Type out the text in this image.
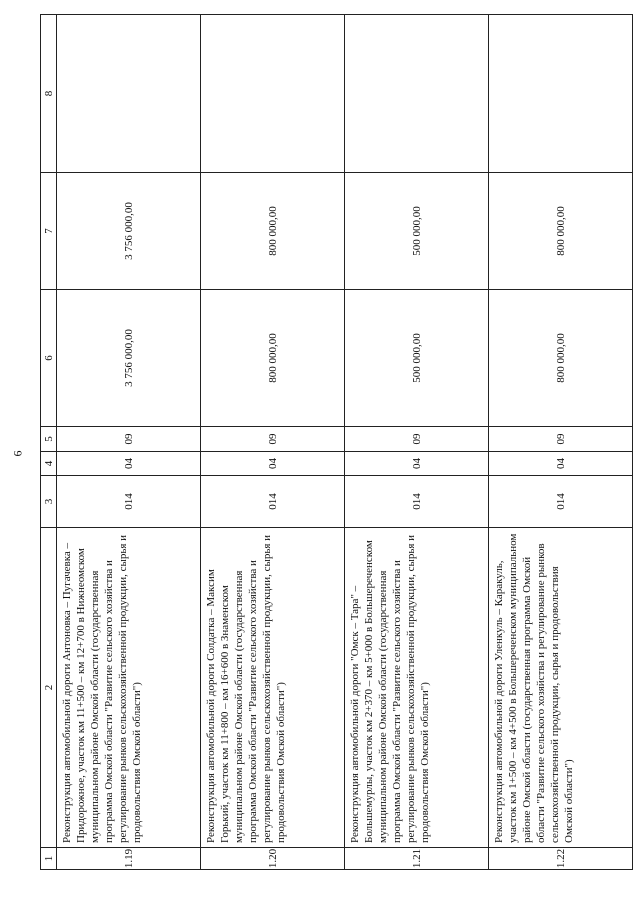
6
1	2	3	4	5	6	7	8
1.19	Реконструкция автомобильной дороги Антоновка – Пугачевка – Придорожное, участок км 11+500 – км 12+700 в Нижнеомском муниципальном районе Омской области (государственная программа Омской области "Развитие сельского хозяйства и регулирование рынков сельскохозяйственной продукции, сырья и продовольствия Омской области")	014	04	09	3 756 000,00	3 756 000,00	
1.20	Реконструкция автомобильной дороги Солдатка – Максим Горький, участок км 11+800 – км 16+600 в Знаменском муниципальном районе Омской области (государственная программа Омской области "Развитие сельского хозяйства и регулирование рынков сельскохозяйственной продукции, сырья и продовольствия Омской области")	014	04	09	800 000,00	800 000,00	
1.21	Реконструкция автомобильной дороги "Омск – Тара" – Большемурлы, участок км 2+370 – км 5+000 в Большереченском муниципальном районе Омской области (государственная программа Омской области "Развитие сельского хозяйства и регулирование рынков сельскохозяйственной продукции, сырья и продовольствия Омской области")	014	04	09	500 000,00	500 000,00	
1.22	Реконструкция автомобильной дороги Уленкуль – Каракуль, участок км 1+500 – км 4+500 в Большереченском муниципальном районе Омской области (государственная программа Омской области "Развитие сельского хозяйства и регулирование рынков сельскохозяйственной продукции, сырья и продовольствия Омской области")	014	04	09	800 000,00	800 000,00	
